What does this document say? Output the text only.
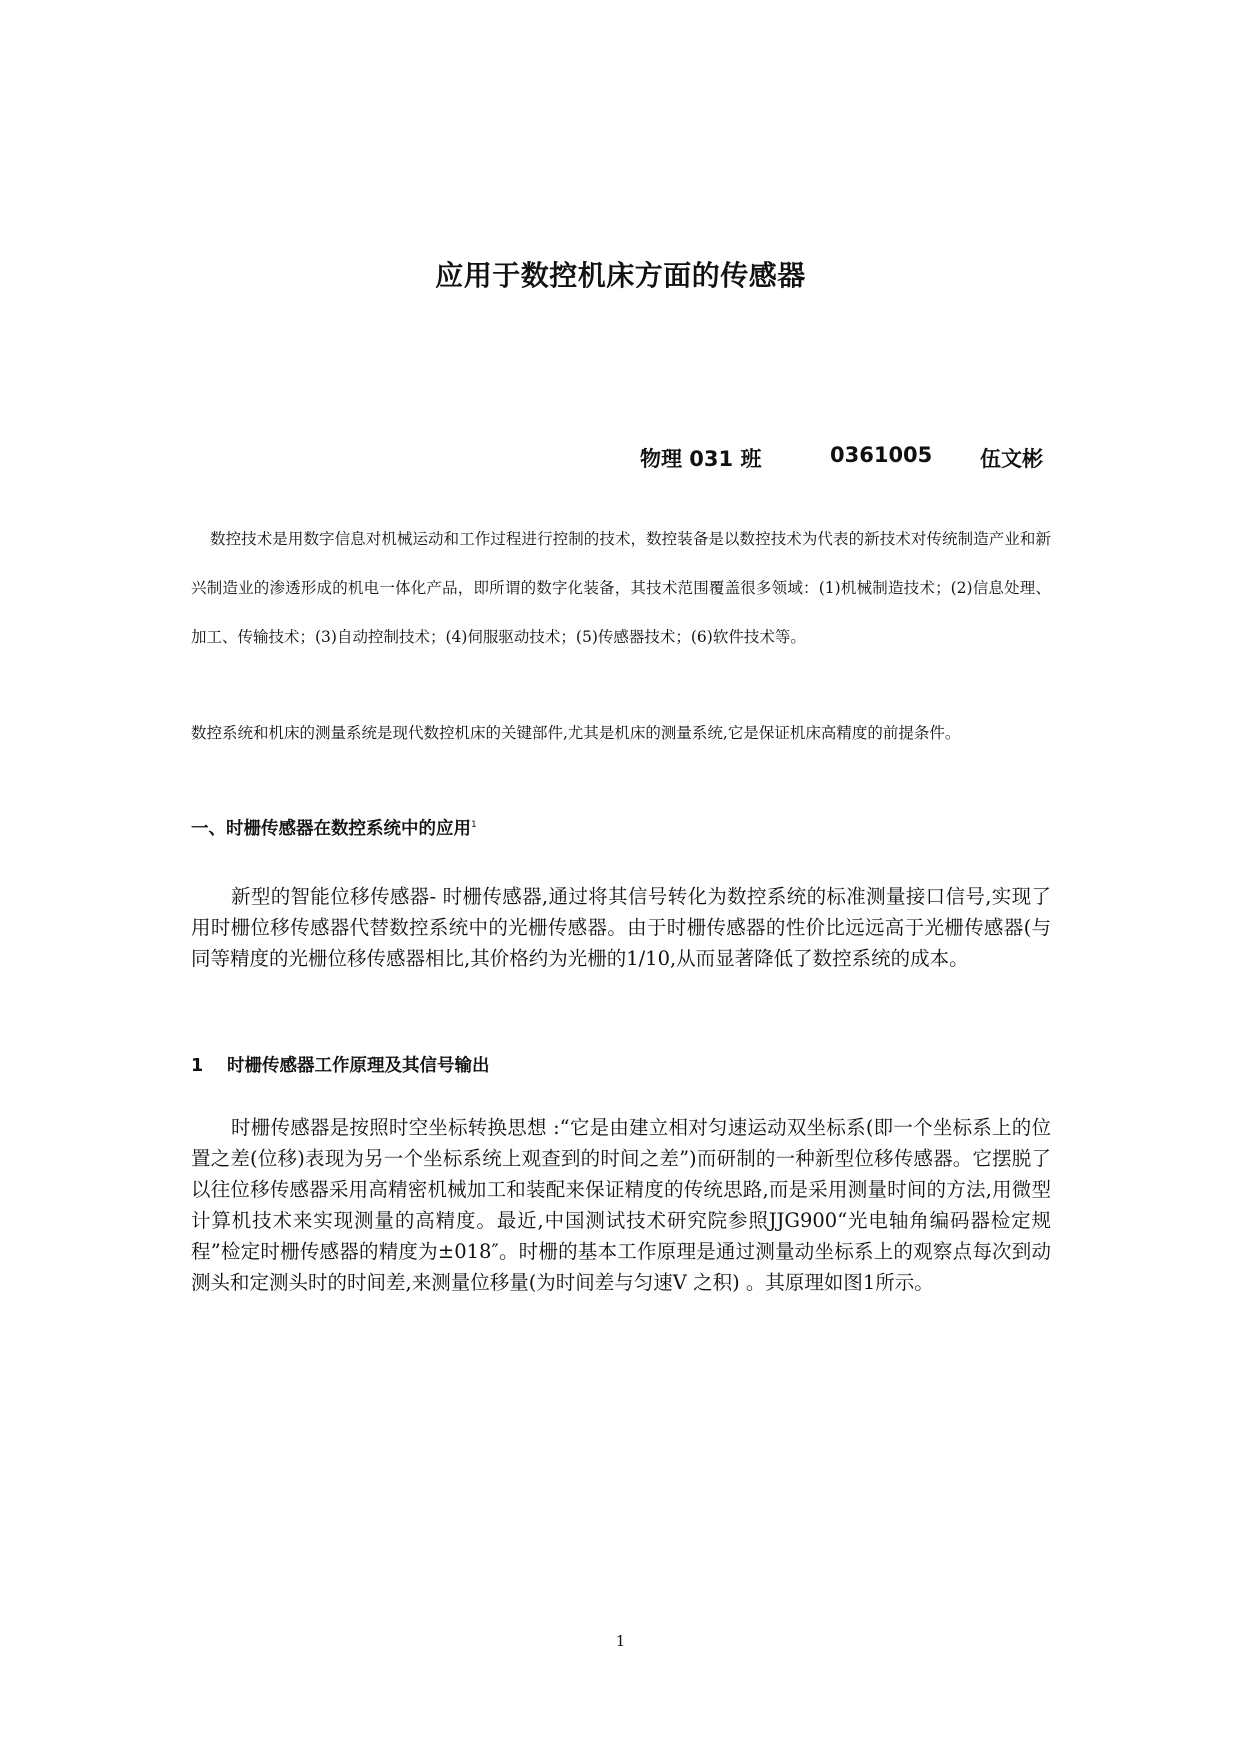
应用于数控机床方面的传感器
物理 031 班	0361005 伍文彬

数控技术是用数字信息对机械运动和工作过程进行控制的技术，数控装备是以数控技术为代表的新技术对传统制造产业和新兴制造业的渗透形成的机电一体化产品，即所谓的数字化装备，其技术范围覆盖很多领域：(1)机械制造技术；(2)信息处理、加工、传输技术；(3)自动控制技术；(4)伺服驱动技术；(5)传感器技术；(6)软件技术等。

数控系统和机床的测量系统是现代数控机床的关键部件,尤其是机床的测量系统,它是保证机床高精度的前提条件。

一、时栅传感器在数控系统中的应用$^1$

新型的智能位移传感器- 时栅传感器,通过将其信号转化为数控系统的标准测量接口信号,实现了用时栅位移传感器代替数控系统中的光栅传感器。由于时栅传感器的性价比远远高于光栅传感器(与同等精度的光栅位移传感器相比,其价格约为光栅的1/10,从而显著降低了数控系统的成本。

1 时栅传感器工作原理及其信号输出

时栅传感器是按照时空坐标转换思想 :“它是由建立相对匀速运动双坐标系(即一个坐标系上的位置之差(位移)表现为另一个坐标系统上观查到的时间之差”)而研制的一种新型位移传感器。它摆脱了以往位移传感器采用高精密机械加工和装配来保证精度的传统思路,而是采用测量时间的方法,用微型计算机技术来实现测量的高精度。最近,中国测试技术研究院参照JJG900“光电轴角编码器检定规程”检定时栅传感器的精度为±018″。时栅的基本工作原理是通过测量动坐标系上的观察点每次到动测头和定测头时的时间差,来测量位移量(为时间差与匀速V 之积) 。其原理如图1所示。

1
